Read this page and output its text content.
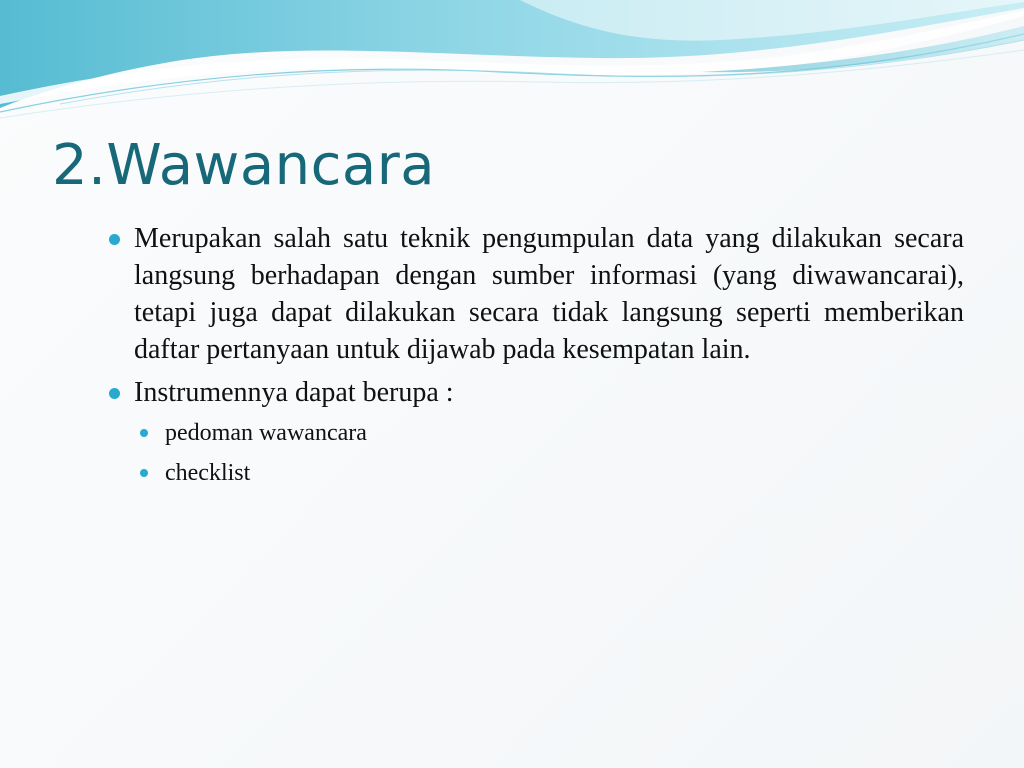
2.Wawancara
Merupakan salah satu teknik pengumpulan data yang dilakukan secara langsung berhadapan dengan sumber informasi (yang diwawancarai), tetapi juga dapat dilakukan secara tidak langsung seperti memberikan daftar pertanyaan untuk dijawab pada kesempatan lain.
Instrumennya dapat berupa :
pedoman wawancara
checklist
